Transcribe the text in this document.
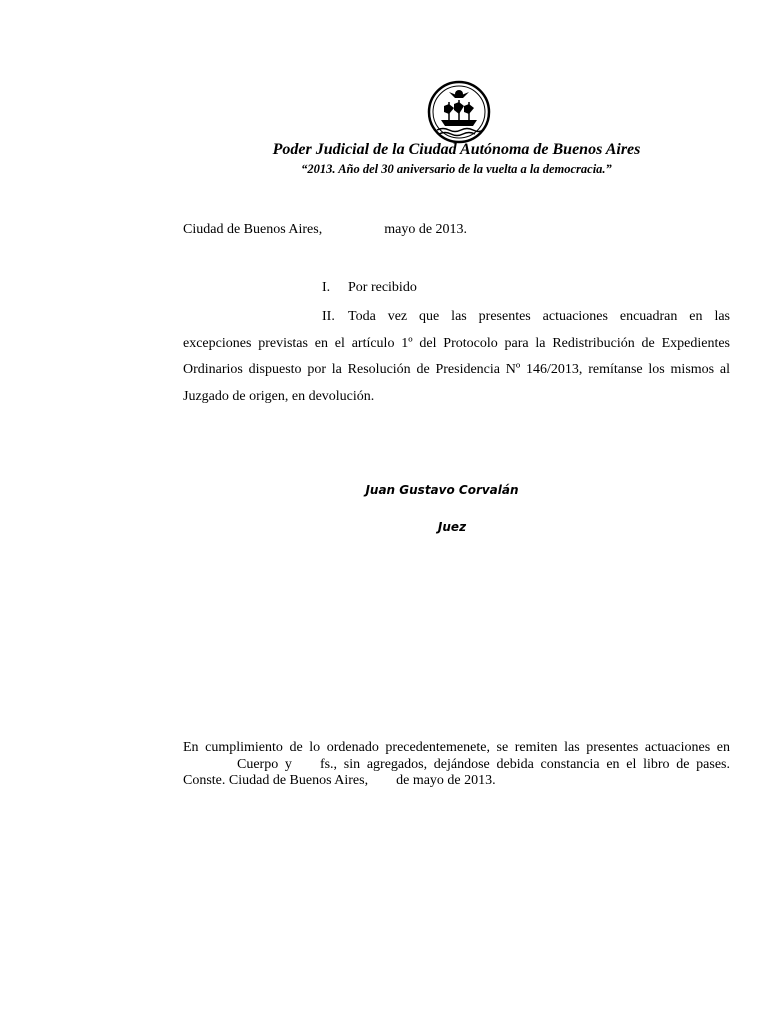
Poder Judicial de la Ciudad Autónoma de Buenos Aires
“2013. Año del 30 aniversario de la vuelta a la democracia.”
Ciudad de Buenos Aires,	mayo de 2013.
I. Por recibido
II. Toda vez que las presentes actuaciones encuadran en las excepciones previstas en el artículo 1º del Protocolo para la Redistribución de Expedientes Ordinarios dispuesto por la Resolución de Presidencia Nº 146/2013, remítanse los mismos al Juzgado de origen, en devolución.
Juan Gustavo Corvalán
Juez
En cumplimiento de lo ordenado precedentemenete, se remiten las presentes actuaciones enCuerpo y fs., sin agregados, dejándose debida constancia en el libro de pases. Conste. Ciudad de Buenos Aires, de mayo de 2013.
